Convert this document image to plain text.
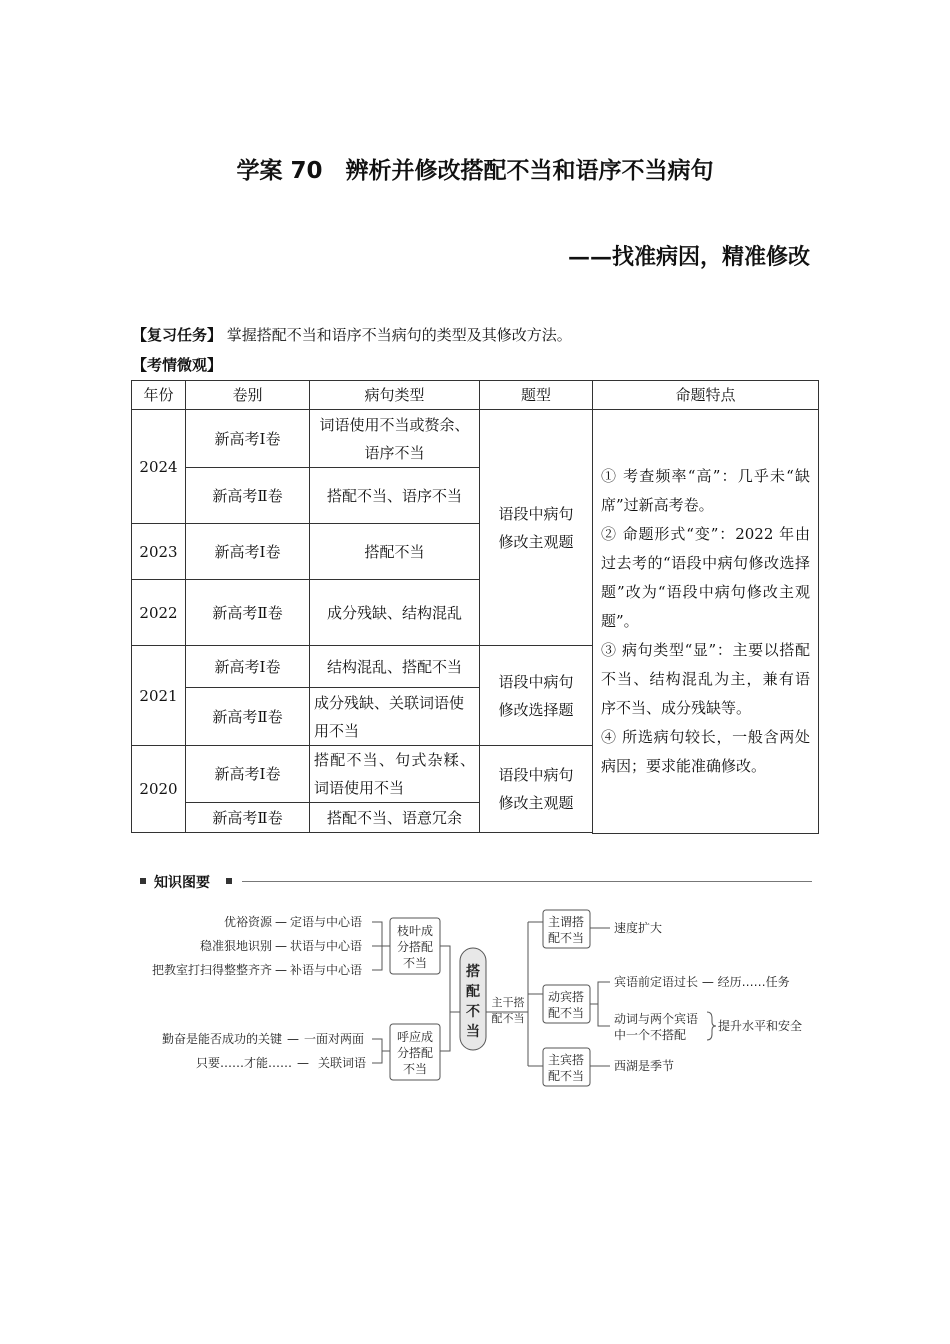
学案 70　辨析并修改搭配不当和语序不当病句
——找准病因，精准修改
【复习任务】 掌握搭配不当和语序不当病句的类型及其修改方法。
【考情微观】
年份	卷别	病句类型	题型	命题特点
2024	新高考Ⅰ卷	词语使用不当或赘余、语序不当	语段中病句修改主观题	① 考查频率“高”：几乎未“缺席”过新高考卷。
② 命题形式“变”：2022 年由过去考的“语段中病句修改选择题”改为“语段中病句修改主观题”。
③ 病句类型“显”：主要以搭配不当、结构混乱为主，兼有语序不当、成分残缺等。
④ 所选病句较长，一般含两处病因；要求能准确修改。

	新高考Ⅱ卷	搭配不当、语序不当		
2023	新高考Ⅰ卷	搭配不当		
2022	新高考Ⅱ卷	成分残缺、结构混乱		
2021	新高考Ⅰ卷	结构混乱、搭配不当	语段中病句修改选择题	
	新高考Ⅱ卷	成分残缺、关联词语使用不当		
2020	新高考Ⅰ卷	搭配不当、句式杂糅、词语使用不当	语段中病句修改主观题	
	新高考Ⅱ卷	搭配不当、语意冗余		

知识图要
优裕资源 — 定语与中心语
稳准狠地识别 — 状语与中心语
把教室打扫得整整齐齐 — 补语与中心语
勤奋是能否成功的关键 — 一面对两面
只要……才能…… — 关联词语
枝叶成分搭配不当
呼应成分搭配不当
搭配不当
主干搭配不当
主谓搭配不当
动宾搭配不当
主宾搭配不当
速度扩大
宾语前定语过长 — 经历……任务
动词与两个宾语中一个不搭配
提升水平和安全
西湖是季节
